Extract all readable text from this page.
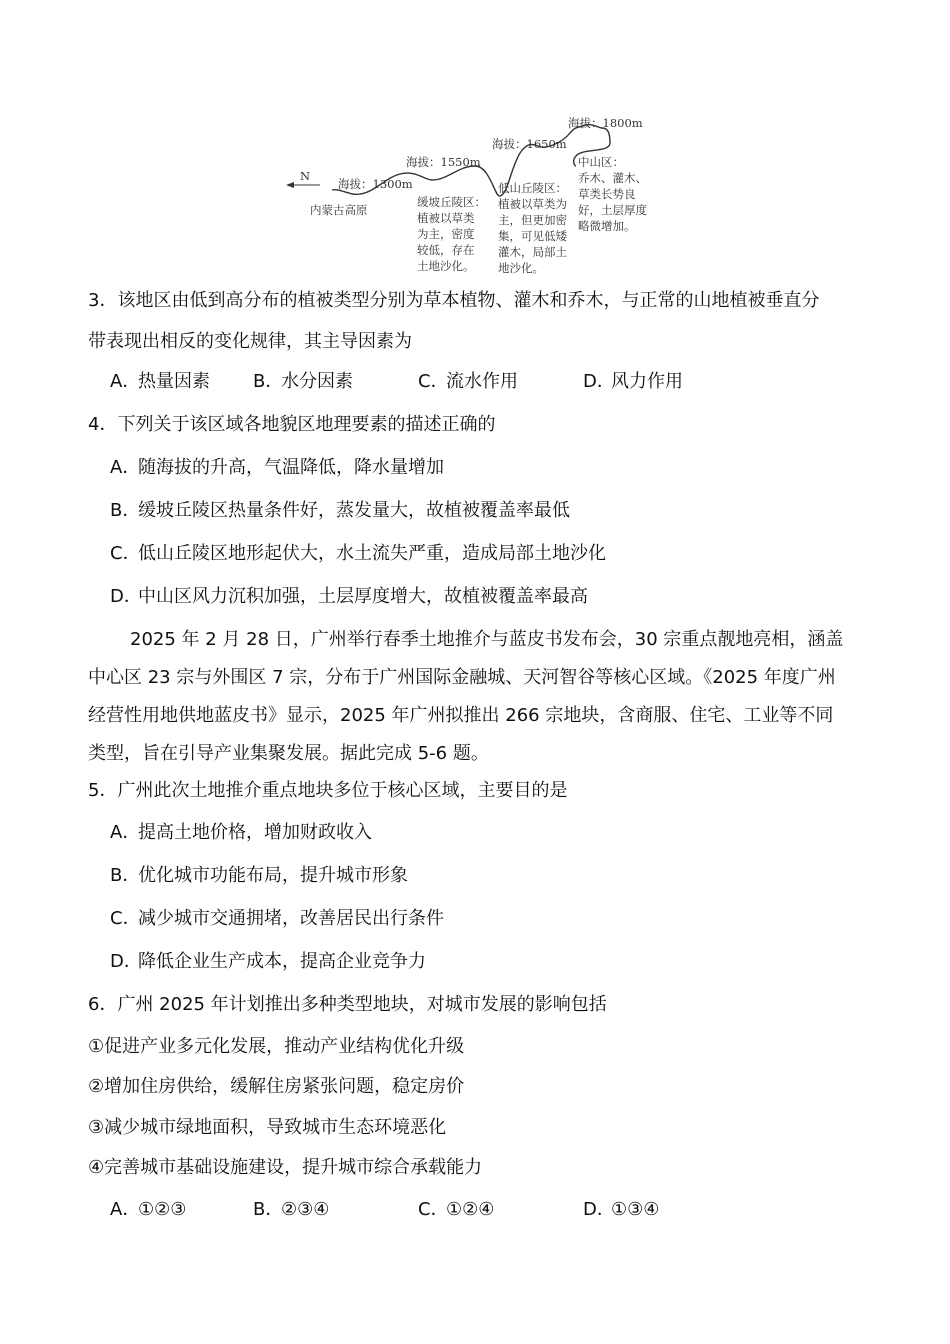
N
海拔：1300m
海拔：1550m
海拔：1650m
海拔：1800m
内蒙古高原
缓坡丘陵区：
植被以草类
为主，密度
较低，存在
土地沙化。
低山丘陵区：
植被以草类为
主，但更加密
集，可见低矮
灌木，局部土
地沙化。
中山区：
乔木、灌木、
草类长势良
好，土层厚度
略微增加。
3．该地区由低到高分布的植被类型分别为草本植物、灌木和乔木，与正常的山地植被垂直分
带表现出相反的变化规律，其主导因素为
A．热量因素 B．水分因素	C．流水作用	D．风力作用
4．下列关于该区域各地貌区地理要素的描述正确的
A．随海拔的升高，气温降低，降水量增加
B．缓坡丘陵区热量条件好，蒸发量大，故植被覆盖率最低
C．低山丘陵区地形起伏大，水土流失严重，造成局部土地沙化
D．中山区风力沉积加强，土层厚度增大，故植被覆盖率最高
2025 年 2 月 28 日，广州举行春季土地推介与蓝皮书发布会，30 宗重点靓地亮相，涵盖
中心区 23 宗与外围区 7 宗，分布于广州国际金融城、天河智谷等核心区域。《2025 年度广州
经营性用地供地蓝皮书》显示，2025 年广州拟推出 266 宗地块，含商服、住宅、工业等不同
类型，旨在引导产业集聚发展。据此完成 5-6 题。
5．广州此次土地推介重点地块多位于核心区域，主要目的是
A．提高土地价格，增加财政收入
B．优化城市功能布局，提升城市形象
C．减少城市交通拥堵，改善居民出行条件
D．降低企业生产成本，提高企业竞争力
6．广州 2025 年计划推出多种类型地块，对城市发展的影响包括
①促进产业多元化发展，推动产业结构优化升级
②增加住房供给，缓解住房紧张问题，稳定房价
③减少城市绿地面积，导致城市生态环境恶化
④完善城市基础设施建设，提升城市综合承载能力
A．①②③	B．②③④	C．①②④	D．①③④
